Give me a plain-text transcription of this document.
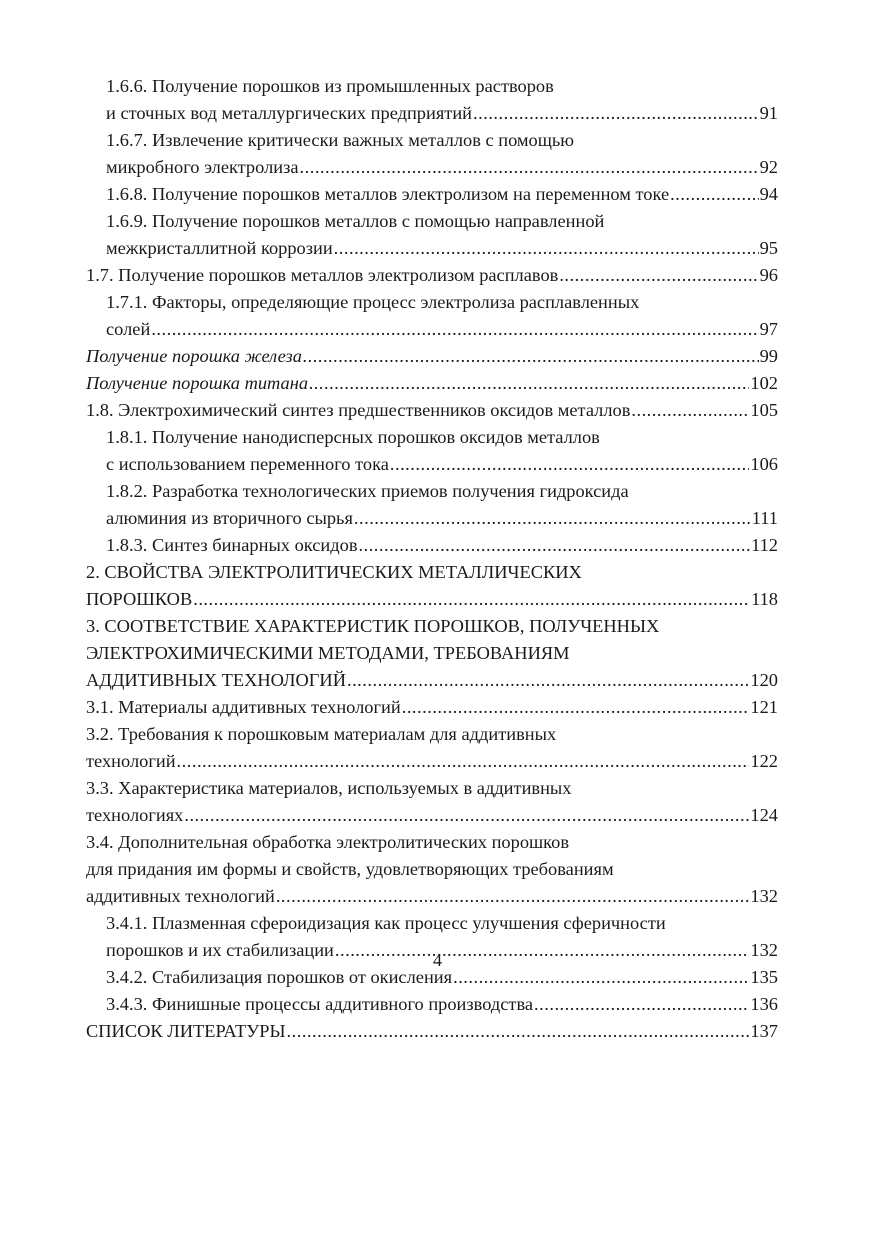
1.6.6. Получение порошков из промышленных растворов
и сточных вод металлургических предприятий .....	91
1.6.7. Извлечение критически важных металлов с помощью
микробного электролиза .....	92
1.6.8. Получение порошков металлов электролизом на переменном токе .....	94
1.6.9. Получение порошков металлов с помощью направленной
межкристаллитной коррозии .....	95
1.7. Получение порошков металлов электролизом расплавов .....	96
1.7.1. Факторы, определяющие процесс электролиза расплавленных
солей .....	97
Получение порошка железа .....	99
Получение порошка титана .....	102
1.8. Электрохимический синтез предшественников оксидов металлов .....	105
1.8.1. Получение нанодисперсных порошков оксидов металлов
с использованием переменного тока .....	106
1.8.2. Разработка технологических приемов получения гидроксида
алюминия из вторичного сырья .....	111
1.8.3. Синтез бинарных оксидов .....	112
2. СВОЙСТВА ЭЛЕКТРОЛИТИЧЕСКИХ МЕТАЛЛИЧЕСКИХ
ПОРОШКОВ .....	118
3. СООТВЕТСТВИЕ ХАРАКТЕРИСТИК ПОРОШКОВ, ПОЛУЧЕННЫХ
ЭЛЕКТРОХИМИЧЕСКИМИ МЕТОДАМИ, ТРЕБОВАНИЯМ
АДДИТИВНЫХ ТЕХНОЛОГИЙ .....	120
3.1. Материалы аддитивных технологий .....	121
3.2. Требования к порошковым материалам для аддитивных
технологий .....	122
3.3. Характеристика материалов, используемых в аддитивных
технологиях .....	124
3.4. Дополнительная обработка электролитических порошков
для придания им формы и свойств, удовлетворяющих требованиям
аддитивных технологий .....	132
3.4.1. Плазменная сфероидизация как процесс улучшения сферичности
порошков и их стабилизации .....	132
3.4.2. Стабилизация порошков от окисления .....	135
3.4.3. Финишные процессы аддитивного производства .....	136
СПИСОК ЛИТЕРАТУРЫ .....	137
4
